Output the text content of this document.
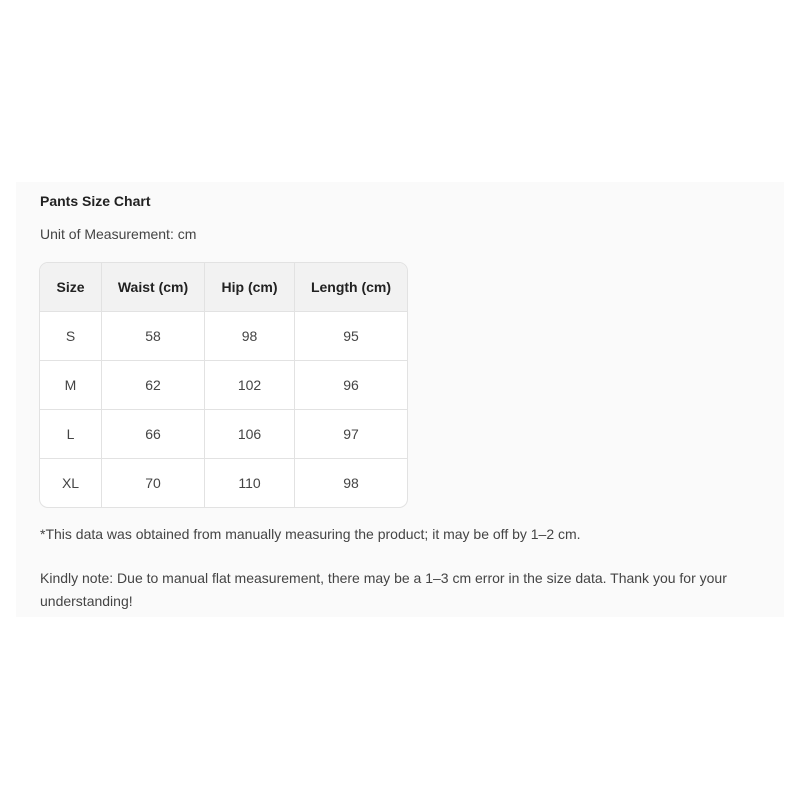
Pants Size Chart
Unit of Measurement: cm
Size	Waist (cm)	Hip (cm)	Length (cm)
S	58	98	95
M	62	102	96
L	66	106	97
XL	70	110	98
*This data was obtained from manually measuring the product; it may be off by 1–2 cm.
Kindly note: Due to manual flat measurement, there may be a 1–3 cm error in the size data. Thank you for your understanding!
